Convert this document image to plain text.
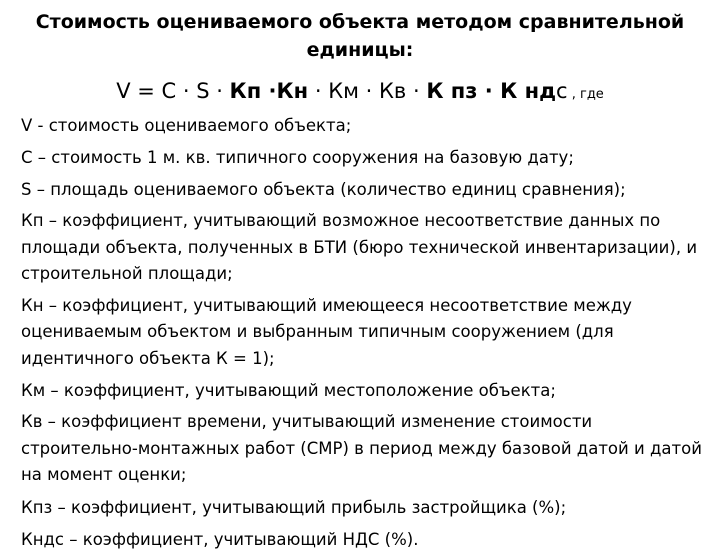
Стоимость оцениваемого объекта методом сравнительной единицы:
V = C · S · Кп ·Кн · Км · Кв · К пз · К ндс , где
V - стоимость оцениваемого объекта;
С – стоимость 1 м. кв. типичного сооружения на базовую дату;
S – площадь оцениваемого объекта (количество единиц сравнения);
Кп – коэффициент, учитывающий возможное несоответствие данных по площади объекта, полученных в БТИ (бюро технической инвентаризации), и строительной площади;
Кн – коэффициент, учитывающий имеющееся несоответствие между оцениваемым объектом и выбранным типичным сооружением (для идентичного объекта К = 1);
Км – коэффициент, учитывающий местоположение объекта;
Кв – коэффициент времени, учитывающий изменение стоимости строительно-монтажных работ (СМР) в период между базовой датой и датой на момент оценки;
Кпз – коэффициент, учитывающий прибыль застройщика (%);
Кндс – коэффициент, учитывающий НДС (%).
